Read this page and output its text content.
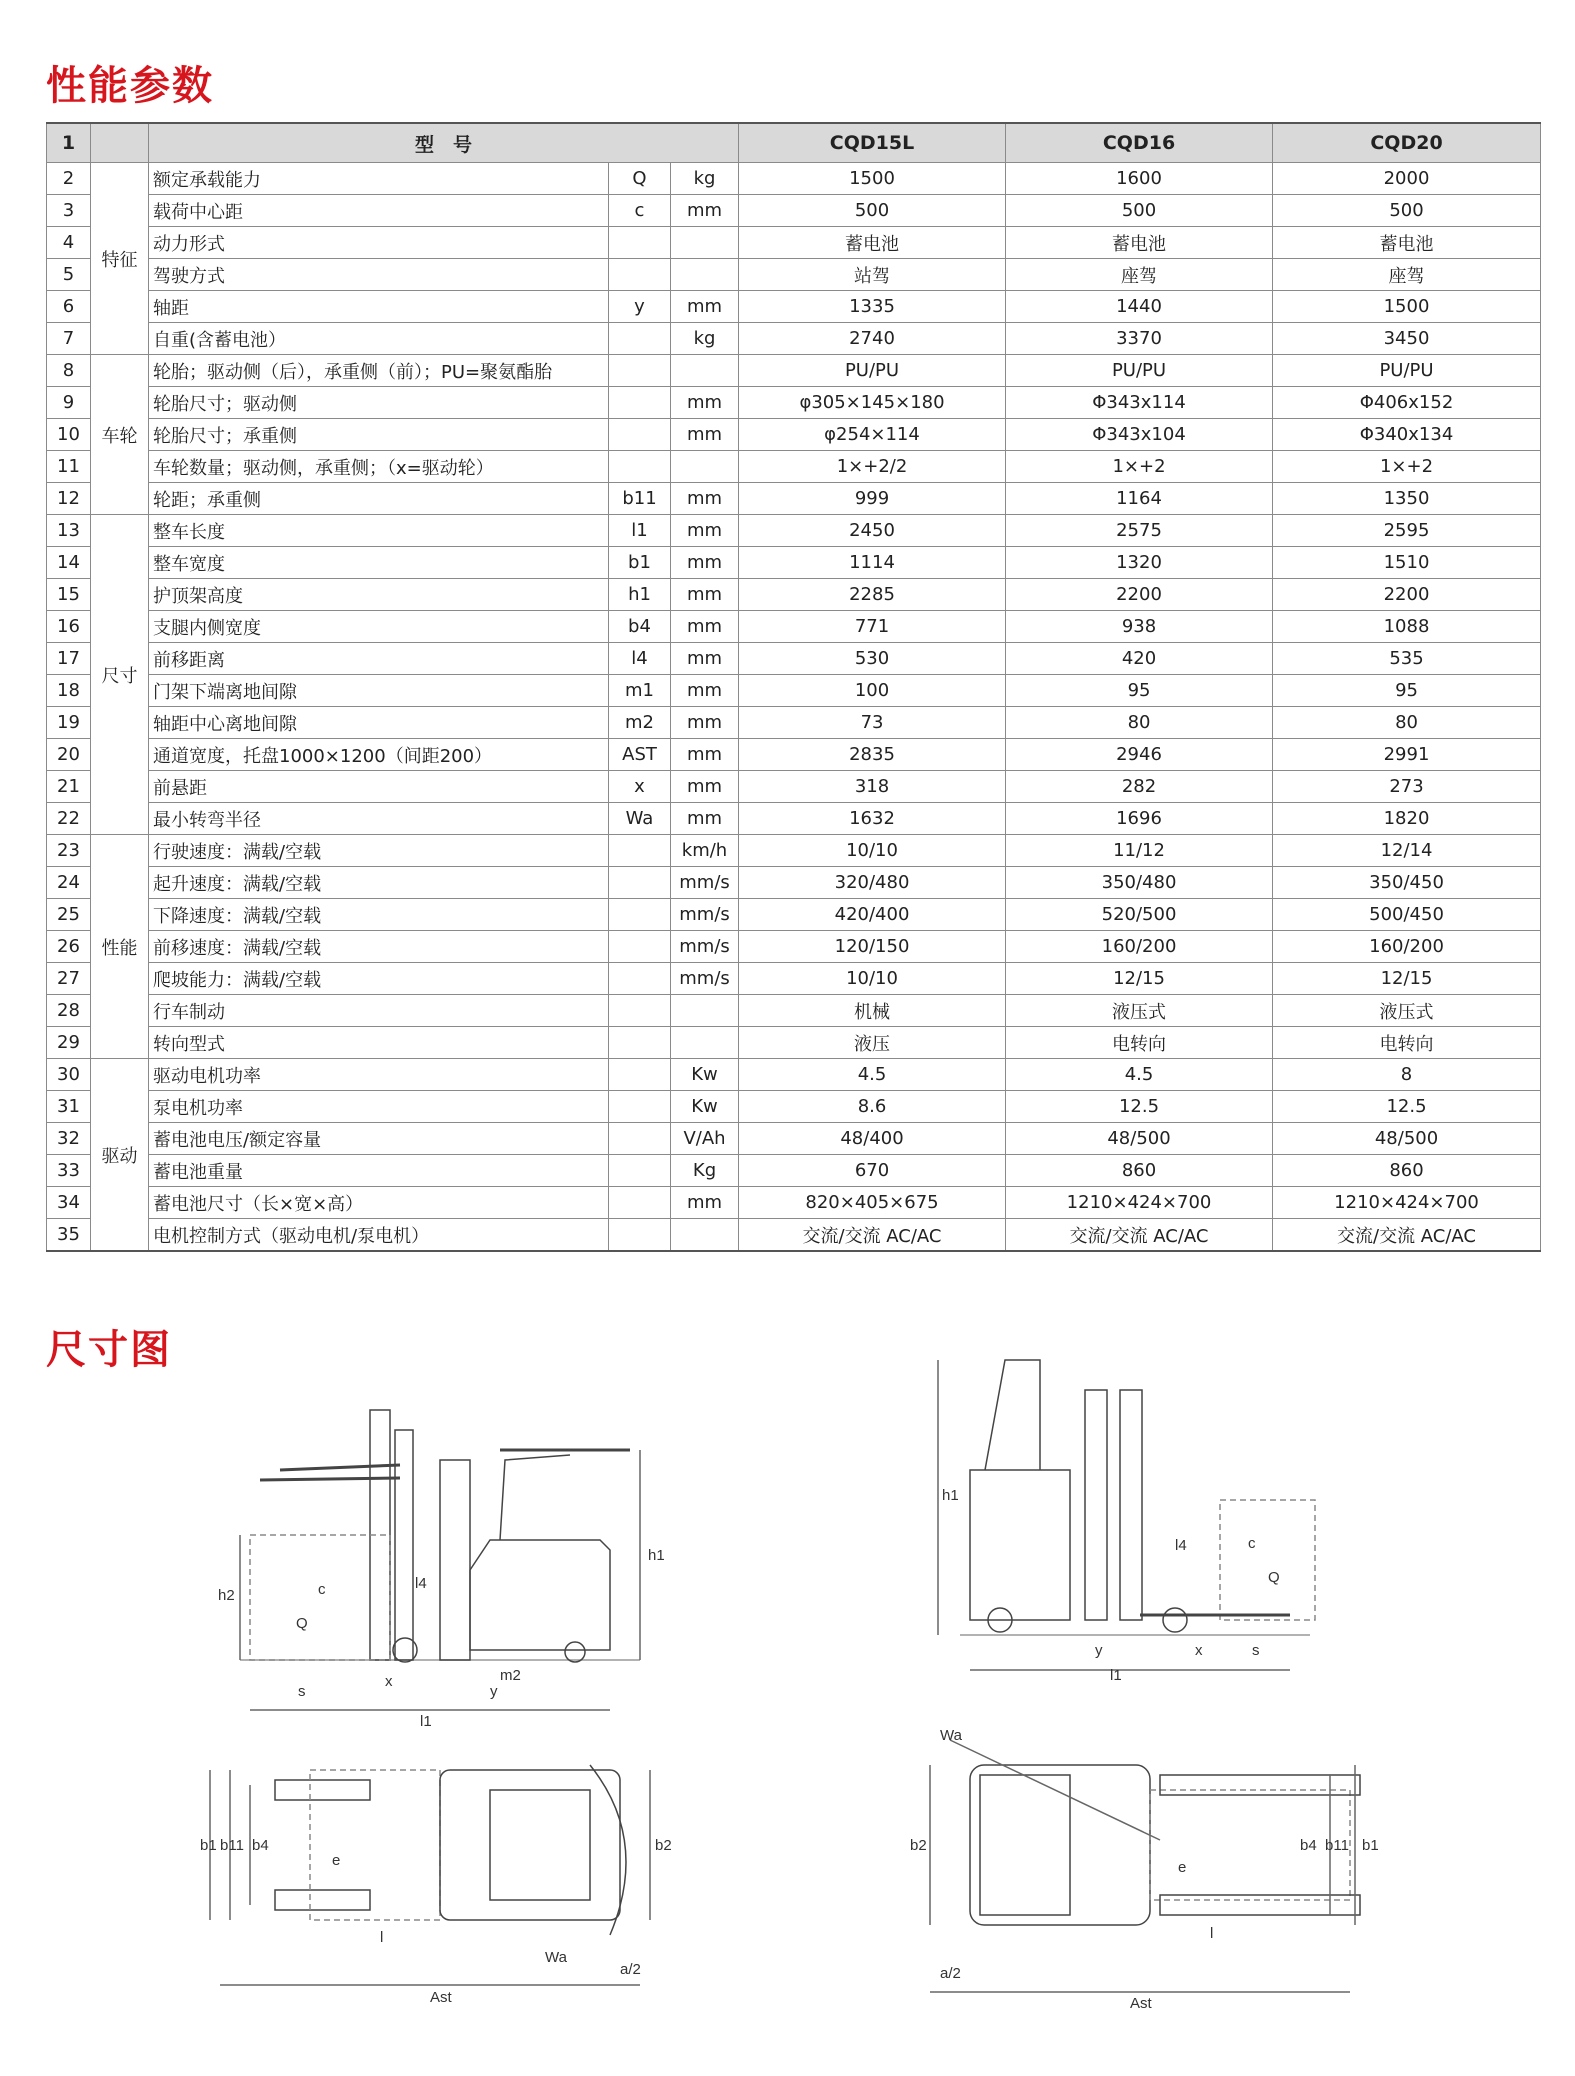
性能参数
1		型　号			CQD15L	CQD16	CQD20
2	特征	额定承载能力	Q	kg	1500	1600	2000
3		载荷中心距	c	mm	500	500	500
4		动力形式			蓄电池	蓄电池	蓄电池
5		驾驶方式			站驾	座驾	座驾
6		轴距	y	mm	1335	1440	1500
7		自重(含蓄电池）		kg	2740	3370	3450
8	车轮	轮胎；驱动侧（后），承重侧（前）；PU=聚氨酯胎			PU/PU	PU/PU	PU/PU
9		轮胎尺寸；驱动侧		mm	φ305×145×180	Φ343x114	Φ406x152
10		轮胎尺寸；承重侧		mm	φ254×114	Φ343x104	Φ340x134
11		车轮数量；驱动侧，承重侧；（x=驱动轮）			1×+2/2	1×+2	1×+2
12		轮距；承重侧	b11	mm	999	1164	1350
13	尺寸	整车长度	l1	mm	2450	2575	2595
14		整车宽度	b1	mm	1114	1320	1510
15		护顶架高度	h1	mm	2285	2200	2200
16		支腿内侧宽度	b4	mm	771	938	1088
17		前移距离	l4	mm	530	420	535
18		门架下端离地间隙	m1	mm	100	95	95
19		轴距中心离地间隙	m2	mm	73	80	80
20		通道宽度，托盘1000×1200（间距200）	AST	mm	2835	2946	2991
21		前悬距	x	mm	318	282	273
22		最小转弯半径	Wa	mm	1632	1696	1820
23	性能	行驶速度：满载/空载		km/h	10/10	11/12	12/14
24		起升速度：满载/空载		mm/s	320/480	350/480	350/450
25		下降速度：满载/空载		mm/s	420/400	520/500	500/450
26		前移速度：满载/空载		mm/s	120/150	160/200	160/200
27		爬坡能力：满载/空载		mm/s	10/10	12/15	12/15
28		行车制动			机械	液压式	液压式
29		转向型式			液压	电转向	电转向
30	驱动	驱动电机功率		Kw	4.5	4.5	8
31		泵电机功率		Kw	8.6	12.5	12.5
32		蓄电池电压/额定容量		V/Ah	48/400	48/500	48/500
33		蓄电池重量		Kg	670	860	860
34		蓄电池尺寸（长×宽×高）		mm	820×405×675	1210×424×700	1210×424×700
35		电机控制方式（驱动电机/泵电机）			交流/交流 AC/AC	交流/交流 AC/AC	交流/交流 AC/AC
尺寸图
h1
h2	c
Q
l4
x
s	y
m2
l1
b1 b11 b4	b2
e
l
Wa
Ast
a/2
h1
y	x	s
l1
l4	c
Q
Wa
b2	b4 b11 b1
e
l
Ast
a/2
